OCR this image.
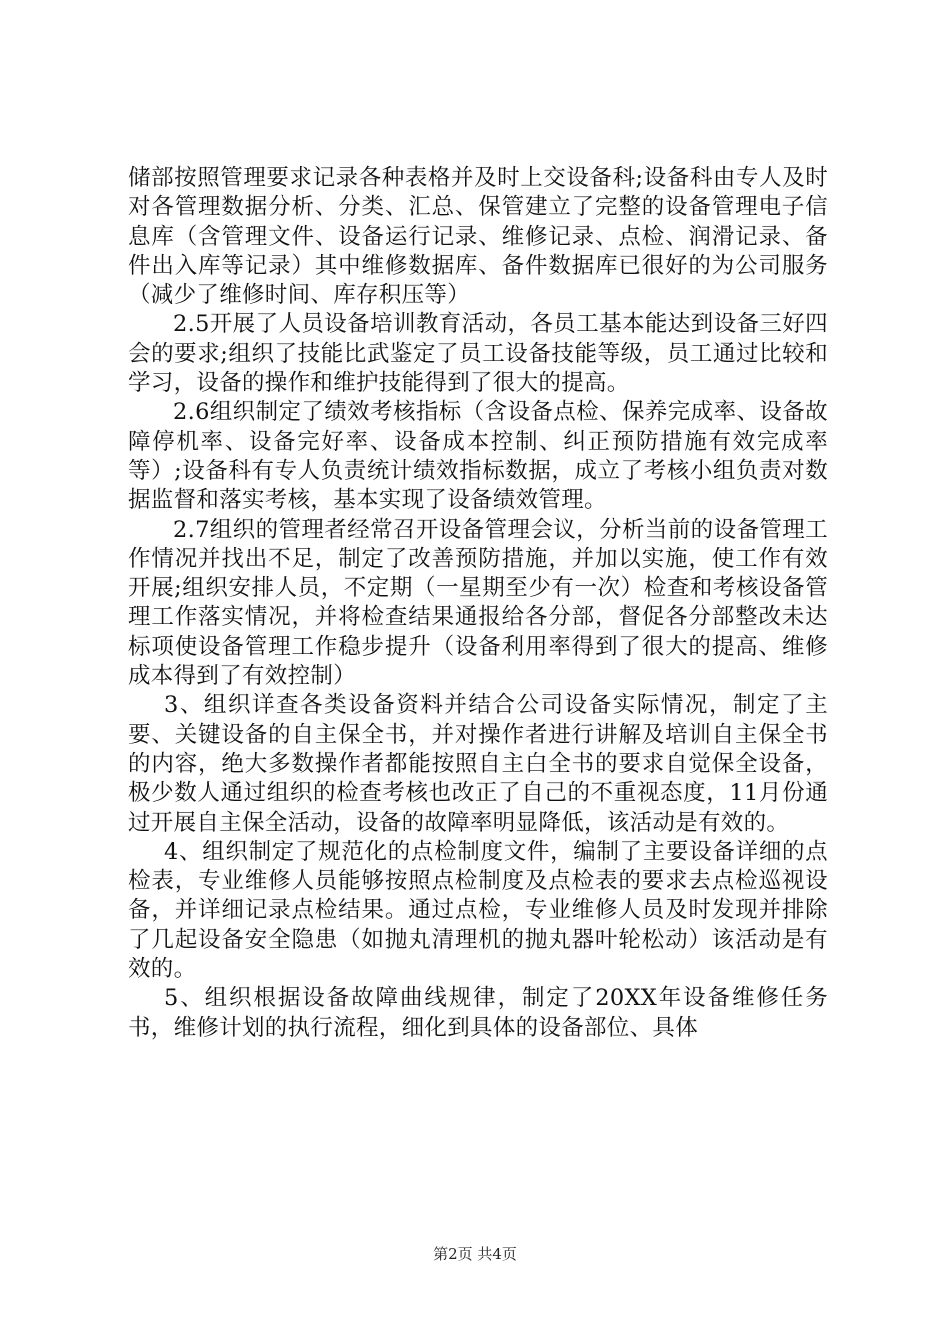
储部按照管理要求记录各种表格并及时上交设备科;设备科由专人及时对各管理数据分析、分类、汇总、保管建立了完整的设备管理电子信息库（含管理文件、设备运行记录、维修记录、点检、润滑记录、备件出入库等记录）其中维修数据库、备件数据库已很好的为公司服务（减少了维修时间、库存积压等）

2.5开展了人员设备培训教育活动，各员工基本能达到设备三好四会的要求;组织了技能比武鉴定了员工设备技能等级，员工通过比较和学习，设备的操作和维护技能得到了很大的提高。

2.6组织制定了绩效考核指标（含设备点检、保养完成率、设备故障停机率、设备完好率、设备成本控制、纠正预防措施有效完成率等）;设备科有专人负责统计绩效指标数据，成立了考核小组负责对数据监督和落实考核，基本实现了设备绩效管理。

2.7组织的管理者经常召开设备管理会议，分析当前的设备管理工作情况并找出不足，制定了改善预防措施，并加以实施，使工作有效开展;组织安排人员，不定期（一星期至少有一次）检查和考核设备管理工作落实情况，并将检查结果通报给各分部，督促各分部整改未达标项使设备管理工作稳步提升（设备利用率得到了很大的提高、维修成本得到了有效控制）

3、组织详查各类设备资料并结合公司设备实际情况，制定了主要、关键设备的自主保全书，并对操作者进行讲解及培训自主保全书的内容，绝大多数操作者都能按照自主白全书的要求自觉保全设备，极少数人通过组织的检查考核也改正了自己的不重视态度，11月份通过开展自主保全活动，设备的故障率明显降低，该活动是有效的。

4、组织制定了规范化的点检制度文件，编制了主要设备详细的点检表，专业维修人员能够按照点检制度及点检表的要求去点检巡视设备，并详细记录点检结果。通过点检，专业维修人员及时发现并排除了几起设备安全隐患（如抛丸清理机的抛丸器叶轮松动）该活动是有效的。

5、组织根据设备故障曲线规律，制定了20XX年设备维修任务书，维修计划的执行流程，细化到具体的设备部位、具体

第2页 共4页
